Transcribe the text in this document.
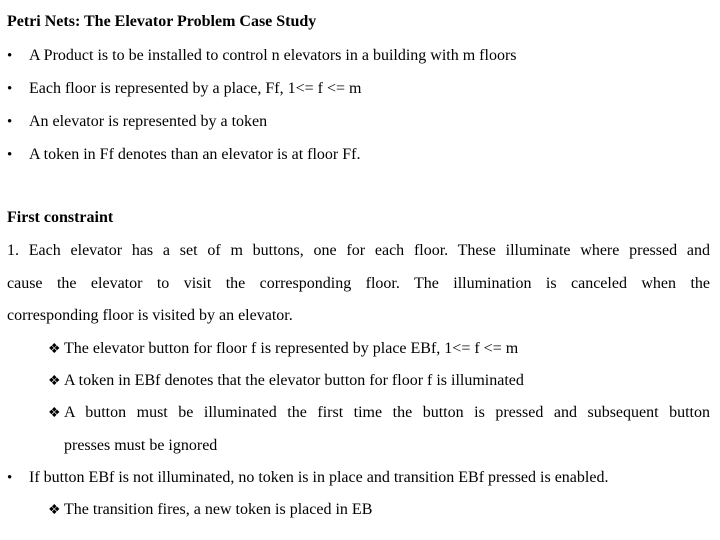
Petri Nets: The Elevator Problem Case Study
• A Product is to be installed to control n elevators in a building with m floors
• Each floor is represented by a place, Ff, 1<= f <= m
• An elevator is represented by a token
• A token in Ff denotes than an elevator is at floor Ff.
First constraint
1. Each elevator has a set of m buttons, one for each floor. These illuminate where pressed and
cause the elevator to visit the corresponding floor. The illumination is canceled when the
corresponding floor is visited by an elevator.
❖ The elevator button for floor f is represented by place EBf, 1<= f <= m
❖ A token in EBf denotes that the elevator button for floor f is illuminated
❖ A button must be illuminated the first time the button is pressed and subsequent button
presses must be ignored
• If button EBf is not illuminated, no token is in place and transition EBf pressed is enabled.
❖ The transition fires, a new token is placed in EB
